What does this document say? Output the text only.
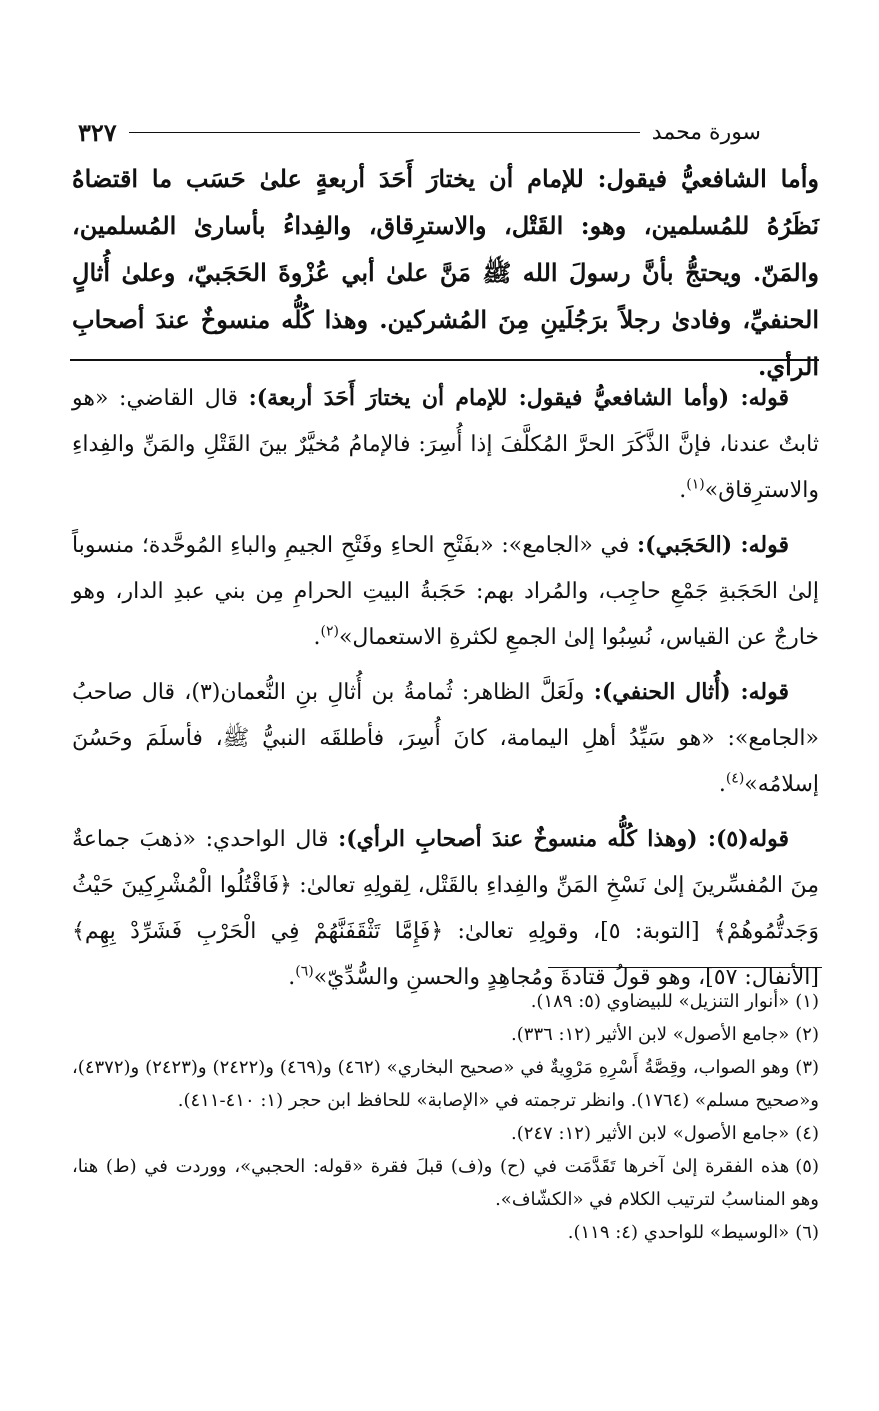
سورة محمد
٣٢٧

وأما الشافعيُّ فيقول: للإمام أن يختارَ أَحَدَ أربعةٍ علىٰ حَسَب ما اقتضاهُ نَظَرُهُ للمُسلمين، وهو: القَتْل، والاسترِقاق، والفِداءُ بأسارىٰ المُسلمين، والمَنّ. ويحتجُّ بأنَّ رسولَ الله ﷺ مَنَّ علىٰ أبي عُزْوةَ الحَجَبيّ، وعلىٰ أُثالٍ الحنفيِّ، وفادىٰ رجلاً برَجُلَينِ مِنَ المُشركين. وهذا كُلُّه منسوخٌ عندَ أصحابِ الرأي.

قوله: (وأما الشافعيُّ فيقول: للإمام أن يختارَ أَحَدَ أربعة): قال القاضي: «هو ثابتٌ عندنا، فإنَّ الذَّكَرَ الحرَّ المُكلَّفَ إذا أُسِرَ: فالإمامُ مُخيَّرٌ بينَ القَتْلِ والمَنِّ والفِداءِ والاسترِقاق»$^{(١)}$.

قوله: (الحَجَبي): في «الجامع»: «بفَتْحِ الحاءِ وفَتْحِ الجيمِ والباءِ المُوحَّدة؛ منسوباً إلىٰ الحَجَبةِ جَمْعِ حاجِب، والمُراد بهم: حَجَبةُ البيتِ الحرامِ مِن بني عبدِ الدار، وهو خارجٌ عن القياس، نُسِبُوا إلىٰ الجمعِ لكثرةِ الاستعمال»$^{(٢)}$.

قوله: (أُثال الحنفي): ولَعَلَّ الظاهر: ثُمامةُ بن أُثالِ بنِ النُّعمان(٣)، قال صاحبُ «الجامع»: «هو سَيِّدُ أهلِ اليمامة، كانَ أُسِرَ، فأطلقَه النبيُّ ﷺ، فأسلَمَ وحَسُنَ إسلامُه»$^{(٤)}$.

قوله(٥): (وهذا كُلُّه منسوخٌ عندَ أصحابِ الرأي): قال الواحدي: «ذهبَ جماعةٌ مِنَ المُفسِّرينَ إلىٰ نَسْخِ المَنِّ والفِداءِ بالقَتْل، لِقولِهِ تعالىٰ: ﴿فَاقْتُلُوا الْمُشْرِكِينَ حَيْثُ وَجَدتُّمُوهُمْ﴾ [التوبة: ٥]، وقولِهِ تعالىٰ: ﴿فَإِمَّا تَثْقَفَنَّهُمْ فِي الْحَرْبِ فَشَرِّدْ بِهِم﴾ [الأنفال: ٥٧]، وهو قولُ قتادةَ ومُجاهِدٍ والحسنِ والسُّدِّيّ»$^{(٦)}$.

(١)«أنوار التنزيل» للبيضاوي (٥: ١٨٩).

(٢)«جامع الأصول» لابن الأثير (١٢: ٣٣٦).

(٣)وهو الصواب، وقِصَّةُ أَسْرِهِ مَرْوِيةٌ في «صحيح البخاري» (٤٦٢) و(٤٦٩) و(٢٤٢٢) و(٢٤٢٣) و(٤٣٧٢)، و«صحيح مسلم» (١٧٦٤). وانظر ترجمته في «الإصابة» للحافظ ابن حجر (١: ٤١٠-٤١١).

(٤)«جامع الأصول» لابن الأثير (١٢: ٢٤٧).

(٥)هذه الفقرة إلىٰ آخرها تَقَدَّمَت في (ح) و(ف) قبلَ فقرة «قوله: الحجبي»، ووردت في (ط) هنا، وهو المناسبُ لترتيب الكلام في «الكشّاف».

(٦)«الوسيط» للواحدي (٤: ١١٩).
